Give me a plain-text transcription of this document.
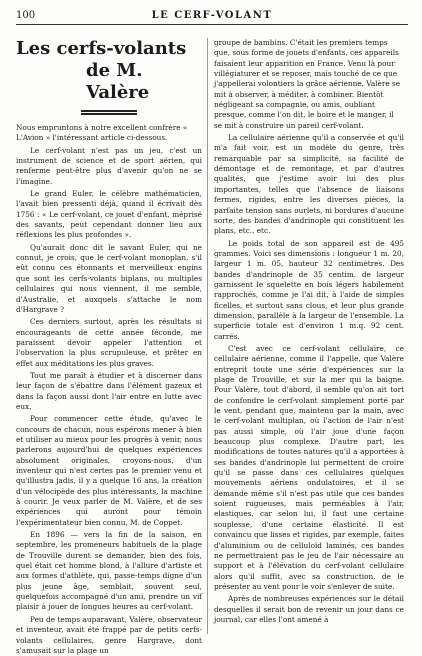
100	LE CERF-VOLANT
Les cerfs-volants
de M. Valère

Nous empruntons à notre excellent confrère « L'Avion » l'intéressant article ci-dessous.

Le cerf-volant n'est pas un jeu, c'est un instrument de science et de sport aérien, qui renferme peut-être plus d'avenir qu'on ne se l'imagine.

Le grand Euler, le célèbre mathématicien, l'avait bien pressenti déjà, quand il écrivait dès 1756 : « Le cerf-volant, ce jouet d'enfant, méprisé des savants, peut cependant donner lieu aux réflexions les plus profondes ».

Qu'aurait donc dit le savant Euler, qui ne connut, je crois, que le cerf-volant monoplan, s'il eût connu ces étonnants et merveilleux engins que sont les cerfs-volants biplans, ou multiples cellulaires qui nous viennent, il me semble, d'Australie, et auxquels s'attache le nom d'Hargrave ?

Ces derniers surtout, après les résultats si encourageants de cette année féconde, me paraissent devoir appeler l'attention et l'observation la plus scrupuleuse, et prêter en effet aux méditations les plus graves.

Tout me paraît à étudier et à discerner dans leur façon de s'ébattre dans l'élément gazeux et dans la façon aussi dont l'air entre en lutte avec eux.

Pour commencer cette étude, qu'avec le concours de chacun, nous espérons mener à bien et utiliser au mieux pour les progrès à venir, nous parlerons aujourd'hui de quelques expériences absolument originales, croyons-nous, d'un inventeur qui n'est certes pas le premier venu et qu'illustra jadis, il y a quelque 16 ans, la création d'un vélocipède des plus intéressants, la machine à courir. Je veux parler de M. Valère, et de ses expériences qui auront pour témoin l'expérimentateur bien connu, M. de Coppet.

En 1896 — vers la fin de la saison, en septembre, les promeneurs habituels de la plage de Trouville durent se demander, bien des fois, quel était cet homme blond, à l'allure d'artiste et aux formes d'athlète, qui, passe-temps digne d'un plus jeune âge, semblait, souvent seul, quelquefois accompagné d'un ami, prendre un vif plaisir à jouer de longues heures au cerf-volant.

Peu de temps auparavant, Valère, observateur et inventeur, avait été frappé par de petits cerfs-volants cellulaires, genre Hargrave, dont s'amusait sur la plage un

groupe de bambins. C'était les premiers temps que, sous forme de jouets d'enfants, ces appareils faisaient leur apparition en France. Venu là pour villégiaturer et se reposer, mais touché de ce que j'appellerai volontiers la grâce aérienne, Valère se mit à observer, à méditer, à combiner. Bientôt négligeant sa compagnie, ou amis, oubliant presque, comme l'on dit, le boire et le manger, il se mit à construire un pareil cerf-volant.

La cellulaire aérienne qu'il a conservée et qu'il m'a fait voir, est un modèle du genre, très remarquable par sa simplicité, sa facilité de démontage et de remontage, et par d'autres qualités, que j'estime avoir lui des plus importantes, telles que l'absence de liaisons fermes, rigides, entre les diverses pièces, la parfaite tension sans ourlets, ni bordures d'aucune sorte, des bandes d'andrinople qui constituent les plans, etc., etc.

Le poids total de son appareil est de 495 grammes. Voici ses dimensions : longueur 1 m. 20, largeur 1 m. 05, hauteur 32 centimètres. Des bandes d'andrinople de 35 centim. de largeur garnissent le squelette en bois légers habilement rapprochés, comme je l'ai dit, à l'aide de simples ficelles, et surtout sans clous, et leur plus grande dimension, parallèle à la largeur de l'ensemble. La superficie totale est d'environ 1 m.q. 92 cent. carrés.

C'est avec ce cerf-volant cellulaire, ce cellulaire aérienne, comme il l'appelle, que Valère entreprit toute une série d'expériences sur la plage de Trouville, et sur la mer qui la baigne. Pour Valère, tout d'abord, il semble qu'on ait tort de confondre le cerf-volant simplement porté par le vent, pendant que, maintenu par la main, avec le cerf-volant multiplan, où l'action de l'air n'est pas aussi simple, où l'air joue d'une façon beaucoup plus complexe. D'autre part, les modifications de toutes natures qu'il a apportées à ses bandes d'andrinople lui permettent de croire qu'il se passe dans ces cellulaires quelques mouvements aériens ondulatoires, et il se demande même s'il n'est pas utile que ces bandes soient rugueuses, mais perméables à l'air, elastiques, car selon lui, il faut une certaine souplesse, d'une certaine élasticité. Il est convaincu que lisses et rigides, par exemple, faites d'aluminium ou de celluloïd laminés, ces bandes ne permettraient pas le jeu de l'air nécessaire au support et à l'élévation du cerf-volant cellulaire alors qu'il suffit, avec sa construction, de le présenter au vent pour le voir s'enlever de suite.

Après de nombreuses expériences sur le détail desquelles il serait bon de revenir un jour dans ce journal, car elles l'ont amené à
